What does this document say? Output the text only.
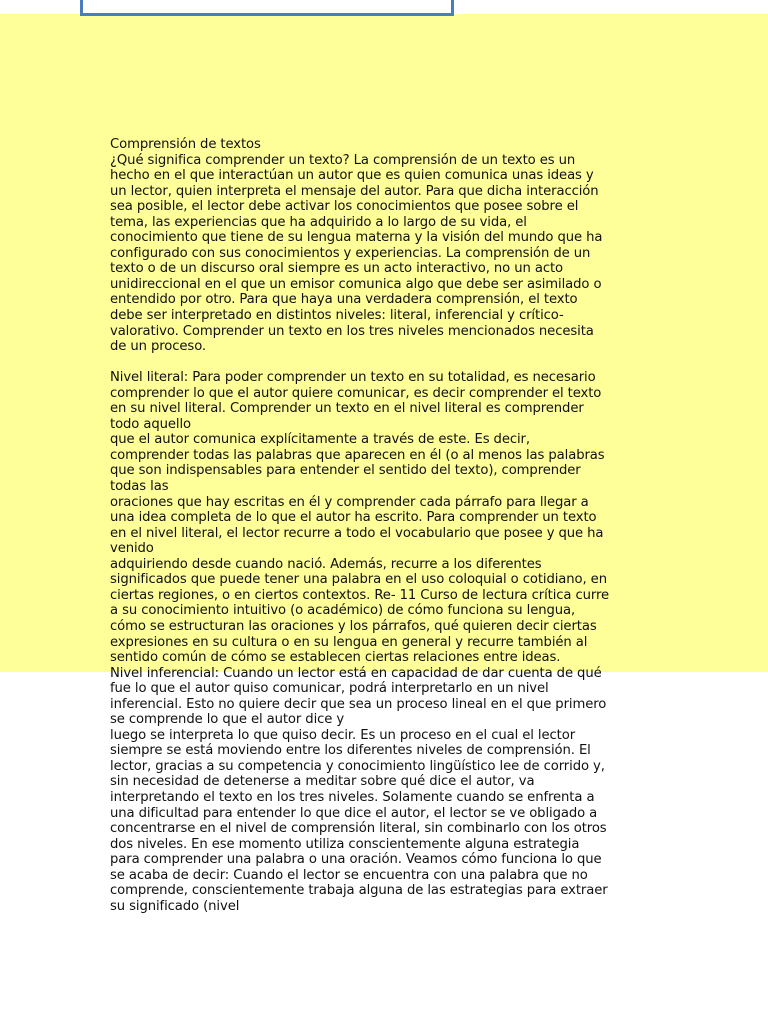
Comprensión de textos
¿Qué significa comprender un texto? La comprensión de un texto es un
hecho en el que interactúan un autor que es quien comunica unas ideas y
un lector, quien interpreta el mensaje del autor. Para que dicha interacción
sea posible, el lector debe activar los conocimientos que posee sobre el
tema, las experiencias que ha adquirido a lo largo de su vida, el
conocimiento que tiene de su lengua materna y la visión del mundo que ha
configurado con sus conocimientos y experiencias. La comprensión de un
texto o de un discurso oral siempre es un acto interactivo, no un acto
unidireccional en el que un emisor comunica algo que debe ser asimilado o
entendido por otro. Para que haya una verdadera comprensión, el texto
debe ser interpretado en distintos niveles: literal, inferencial y crítico-
valorativo. Comprender un texto en los tres niveles mencionados necesita
de un proceso.
Nivel literal: Para poder comprender un texto en su totalidad, es necesario
comprender lo que el autor quiere comunicar, es decir comprender el texto
en su nivel literal. Comprender un texto en el nivel literal es comprender
todo aquello
que el autor comunica explícitamente a través de este. Es decir,
comprender todas las palabras que aparecen en él (o al menos las palabras
que son indispensables para entender el sentido del texto), comprender
todas las
oraciones que hay escritas en él y comprender cada párrafo para llegar a
una idea completa de lo que el autor ha escrito. Para comprender un texto
en el nivel literal, el lector recurre a todo el vocabulario que posee y que ha
venido
adquiriendo desde cuando nació. Además, recurre a los diferentes
significados que puede tener una palabra en el uso coloquial o cotidiano, en
ciertas regiones, o en ciertos contextos. Re- 11 Curso de lectura crítica curre
a su conocimiento intuitivo (o académico) de cómo funciona su lengua,
cómo se estructuran las oraciones y los párrafos, qué quieren decir ciertas
expresiones en su cultura o en su lengua en general y recurre también al
sentido común de cómo se establecen ciertas relaciones entre ideas.
Nivel inferencial: Cuando un lector está en capacidad de dar cuenta de qué
fue lo que el autor quiso comunicar, podrá interpretarlo en un nivel
inferencial. Esto no quiere decir que sea un proceso lineal en el que primero
se comprende lo que el autor dice y
luego se interpreta lo que quiso decir. Es un proceso en el cual el lector
siempre se está moviendo entre los diferentes niveles de comprensión. El
lector, gracias a su competencia y conocimiento lingüístico lee de corrido y,
sin necesidad de detenerse a meditar sobre qué dice el autor, va
interpretando el texto en los tres niveles. Solamente cuando se enfrenta a
una dificultad para entender lo que dice el autor, el lector se ve obligado a
concentrarse en el nivel de comprensión literal, sin combinarlo con los otros
dos niveles. En ese momento utiliza conscientemente alguna estrategia
para comprender una palabra o una oración. Veamos cómo funciona lo que
se acaba de decir: Cuando el lector se encuentra con una palabra que no
comprende, conscientemente trabaja alguna de las estrategias para extraer
su significado (nivel
